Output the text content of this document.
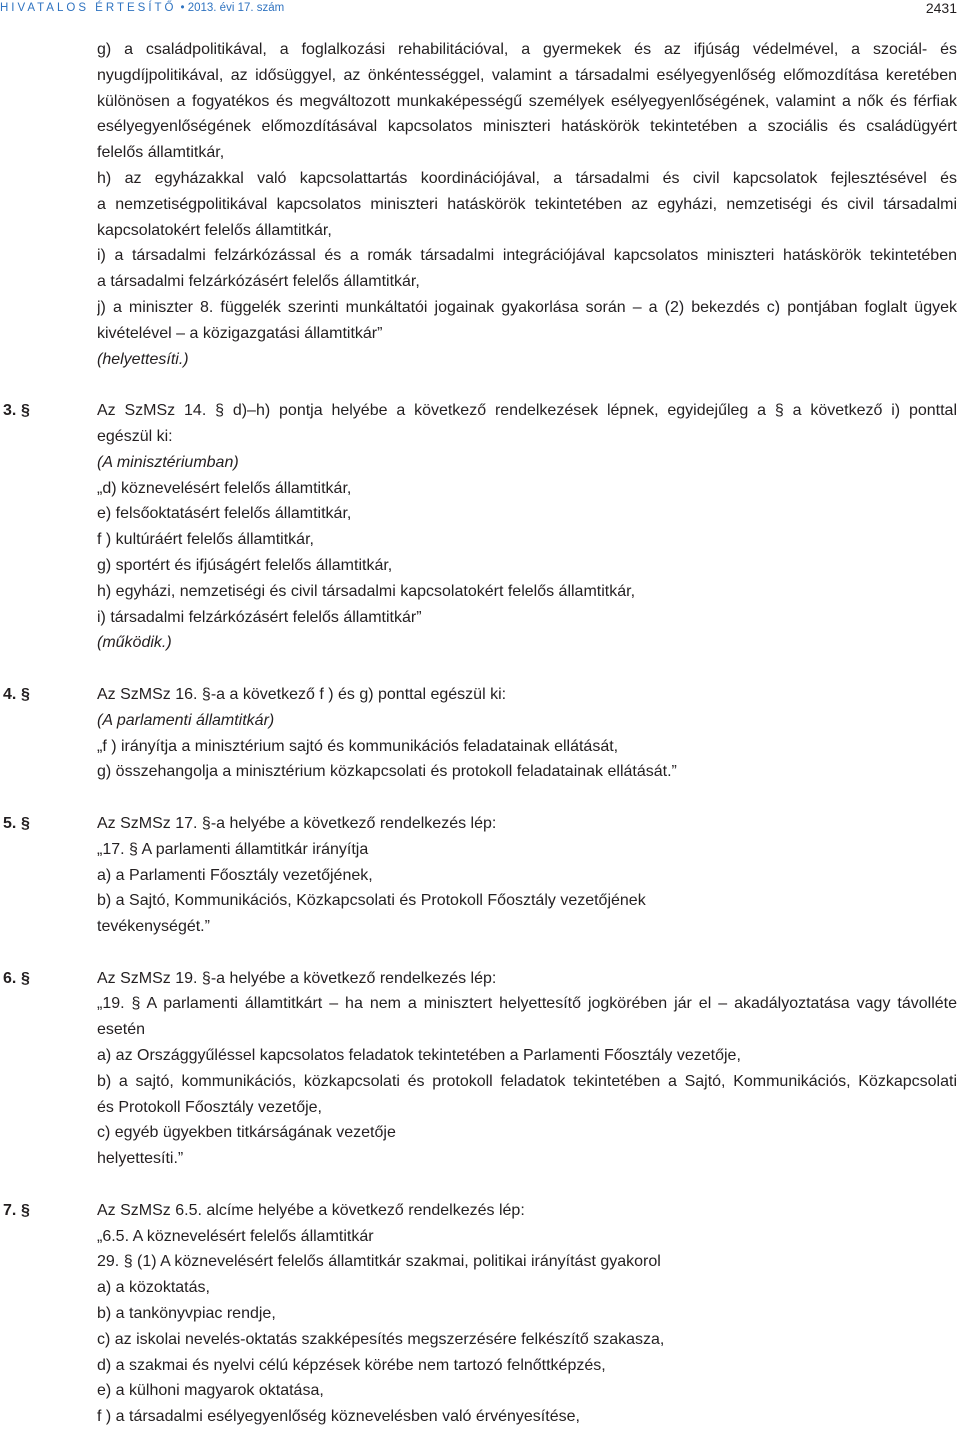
HIVATALOS ÉRTESÍTŐ • 2013. évi 17. szám	2431
g) a családpolitikával, a foglalkozási rehabilitációval, a gyermekek és az ifjúság védelmével, a szociál- és
nyugdíjpolitikával, az idősüggyel, az önkéntességgel, valamint a társadalmi esélyegyenlőség előmozdítása keretében
különösen a fogyatékos és megváltozott munkaképességű személyek esélyegyenlőségének, valamint a nők és férfiak
esélyegyenlőségének előmozdításával kapcsolatos miniszteri hatáskörök tekintetében a szociális és családügyért
felelős államtitkár,
h) az egyházakkal való kapcsolattartás koordinációjával, a társadalmi és civil kapcsolatok fejlesztésével és
a nemzetiségpolitikával kapcsolatos miniszteri hatáskörök tekintetében az egyházi, nemzetiségi és civil társadalmi
kapcsolatokért felelős államtitkár,
i) a társadalmi felzárkózással és a romák társadalmi integrációjával kapcsolatos miniszteri hatáskörök tekintetében
a társadalmi felzárkózásért felelős államtitkár,
j) a miniszter 8. függelék szerinti munkáltatói jogainak gyakorlása során – a (2) bekezdés c) pontjában foglalt ügyek
kivételével – a közigazgatási államtitkár”
(helyettesíti.)
3. §	Az SzMSz 14. § d)–h) pontja helyébe a következő rendelkezések lépnek, egyidejűleg a § a következő i) ponttal
egészül ki:
(A minisztériumban)
„d) köznevelésért felelős államtitkár,
e) felsőoktatásért felelős államtitkár,
f ) kultúráért felelős államtitkár,
g) sportért és ifjúságért felelős államtitkár,
h) egyházi, nemzetiségi és civil társadalmi kapcsolatokért felelős államtitkár,
i) társadalmi felzárkózásért felelős államtitkár”
(működik.)
4. §	Az SzMSz 16. §-a a következő f ) és g) ponttal egészül ki:
(A parlamenti államtitkár)
„f ) irányítja a minisztérium sajtó és kommunikációs feladatainak ellátását,
g) összehangolja a minisztérium közkapcsolati és protokoll feladatainak ellátását.”
5. §	Az SzMSz 17. §-a helyébe a következő rendelkezés lép:
„17. § A parlamenti államtitkár irányítja
a) a Parlamenti Főosztály vezetőjének,
b) a Sajtó, Kommunikációs, Közkapcsolati és Protokoll Főosztály vezetőjének
tevékenységét.”
6. §	Az SzMSz 19. §-a helyébe a következő rendelkezés lép:
„19. § A parlamenti államtitkárt – ha nem a minisztert helyettesítő jogkörében jár el – akadályoztatása vagy távolléte
esetén
a) az Országgyűléssel kapcsolatos feladatok tekintetében a Parlamenti Főosztály vezetője,
b) a sajtó, kommunikációs, közkapcsolati és protokoll feladatok tekintetében a Sajtó, Kommunikációs, Közkapcsolati
és Protokoll Főosztály vezetője,
c) egyéb ügyekben titkárságának vezetője
helyettesíti.”
7. §	Az SzMSz 6.5. alcíme helyébe a következő rendelkezés lép:
„6.5. A köznevelésért felelős államtitkár
29. § (1) A köznevelésért felelős államtitkár szakmai, politikai irányítást gyakorol
a) a közoktatás,
b) a tankönyvpiac rendje,
c) az iskolai nevelés-oktatás szakképesítés megszerzésére felkészítő szakasza,
d) a szakmai és nyelvi célú képzések körébe nem tartozó felnőttképzés,
e) a külhoni magyarok oktatása,
f ) a társadalmi esélyegyenlőség köznevelésben való érvényesítése,
